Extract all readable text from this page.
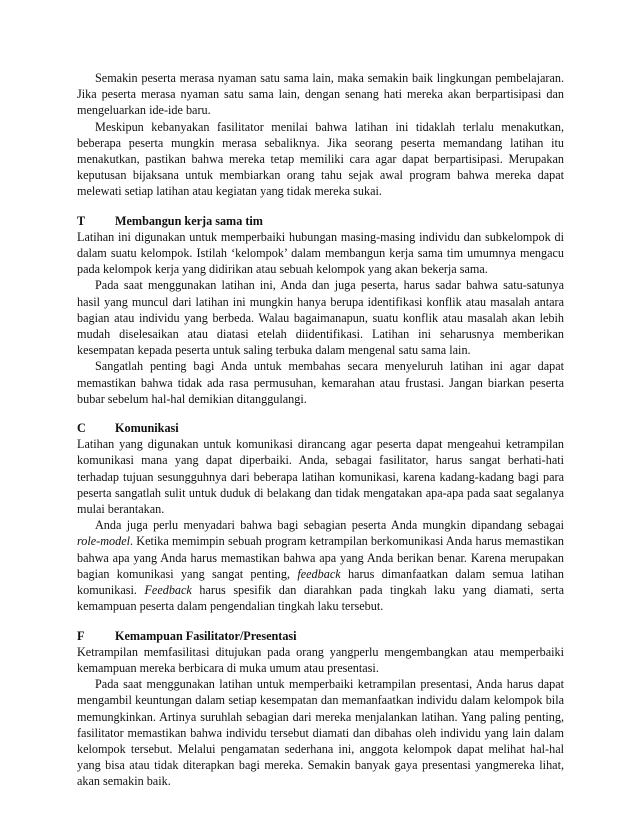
Semakin peserta merasa nyaman satu sama lain, maka semakin baik lingkungan pembelajaran. Jika peserta merasa nyaman satu sama lain, dengan senang hati mereka akan berpartisipasi dan mengeluarkan ide-ide baru.

Meskipun kebanyakan fasilitator menilai bahwa latihan ini tidaklah terlalu menakutkan, beberapa peserta mungkin merasa sebaliknya. Jika seorang peserta memandang latihan itu menakutkan, pastikan bahwa mereka tetap memiliki cara agar dapat berpartisipasi. Merupakan keputusan bijaksana untuk membiarkan orang tahu sejak awal program bahwa mereka dapat melewati setiap latihan atau kegiatan yang tidak mereka sukai.

T	Membangun kerja sama tim

Latihan ini digunakan untuk memperbaiki hubungan masing-masing individu dan subkelompok di dalam suatu kelompok. Istilah ‘kelompok’ dalam membangun kerja sama tim umumnya mengacu pada kelompok kerja yang didirikan atau sebuah kelompok yang akan bekerja sama.

Pada saat menggunakan latihan ini, Anda dan juga peserta, harus sadar bahwa satu-satunya hasil yang muncul dari latihan ini mungkin hanya berupa identifikasi konflik atau masalah antara bagian atau individu yang berbeda. Walau bagaimanapun, suatu konflik atau masalah akan lebih mudah diselesaikan atau diatasi etelah diidentifikasi. Latihan ini seharusnya memberikan kesempatan kepada peserta untuk saling terbuka dalam mengenal satu sama lain.

Sangatlah penting bagi Anda untuk membahas secara menyeluruh latihan ini agar dapat memastikan bahwa tidak ada rasa permusuhan, kemarahan atau frustasi. Jangan biarkan peserta bubar sebelum hal-hal demikian ditanggulangi.

C	Komunikasi

Latihan yang digunakan untuk komunikasi dirancang agar peserta dapat mengeahui ketrampilan komunikasi mana yang dapat diperbaiki. Anda, sebagai fasilitator, harus sangat berhati-hati terhadap tujuan sesungguhnya dari beberapa latihan komunikasi, karena kadang-kadang bagi para peserta sangatlah sulit untuk duduk di belakang dan tidak mengatakan apa-apa pada saat segalanya mulai berantakan.

Anda juga perlu menyadari bahwa bagi sebagian peserta Anda mungkin dipandang sebagai role-model. Ketika memimpin sebuah program ketrampilan berkomunikasi Anda harus memastikan bahwa apa yang Anda harus memastikan bahwa apa yang Anda berikan benar. Karena merupakan bagian komunikasi yang sangat penting, feedback harus dimanfaatkan dalam semua latihan komunikasi. Feedback harus spesifik dan diarahkan pada tingkah laku yang diamati, serta kemampuan peserta dalam pengendalian tingkah laku tersebut.

F	Kemampuan Fasilitator/Presentasi

Ketrampilan memfasilitasi ditujukan pada orang yangperlu mengembangkan atau memperbaiki kemampuan mereka berbicara di muka umum atau presentasi.

Pada saat menggunakan latihan untuk memperbaiki ketrampilan presentasi, Anda harus dapat mengambil keuntungan dalam setiap kesempatan dan memanfaatkan individu dalam kelompok bila memungkinkan. Artinya suruhlah sebagian dari mereka menjalankan latihan. Yang paling penting, fasilitator memastikan bahwa individu tersebut diamati dan dibahas oleh individu yang lain dalam kelompok tersebut. Melalui pengamatan sederhana ini, anggota kelompok dapat melihat hal-hal yang bisa atau tidak diterapkan bagi mereka. Semakin banyak gaya presentasi yangmereka lihat, akan semakin baik.
